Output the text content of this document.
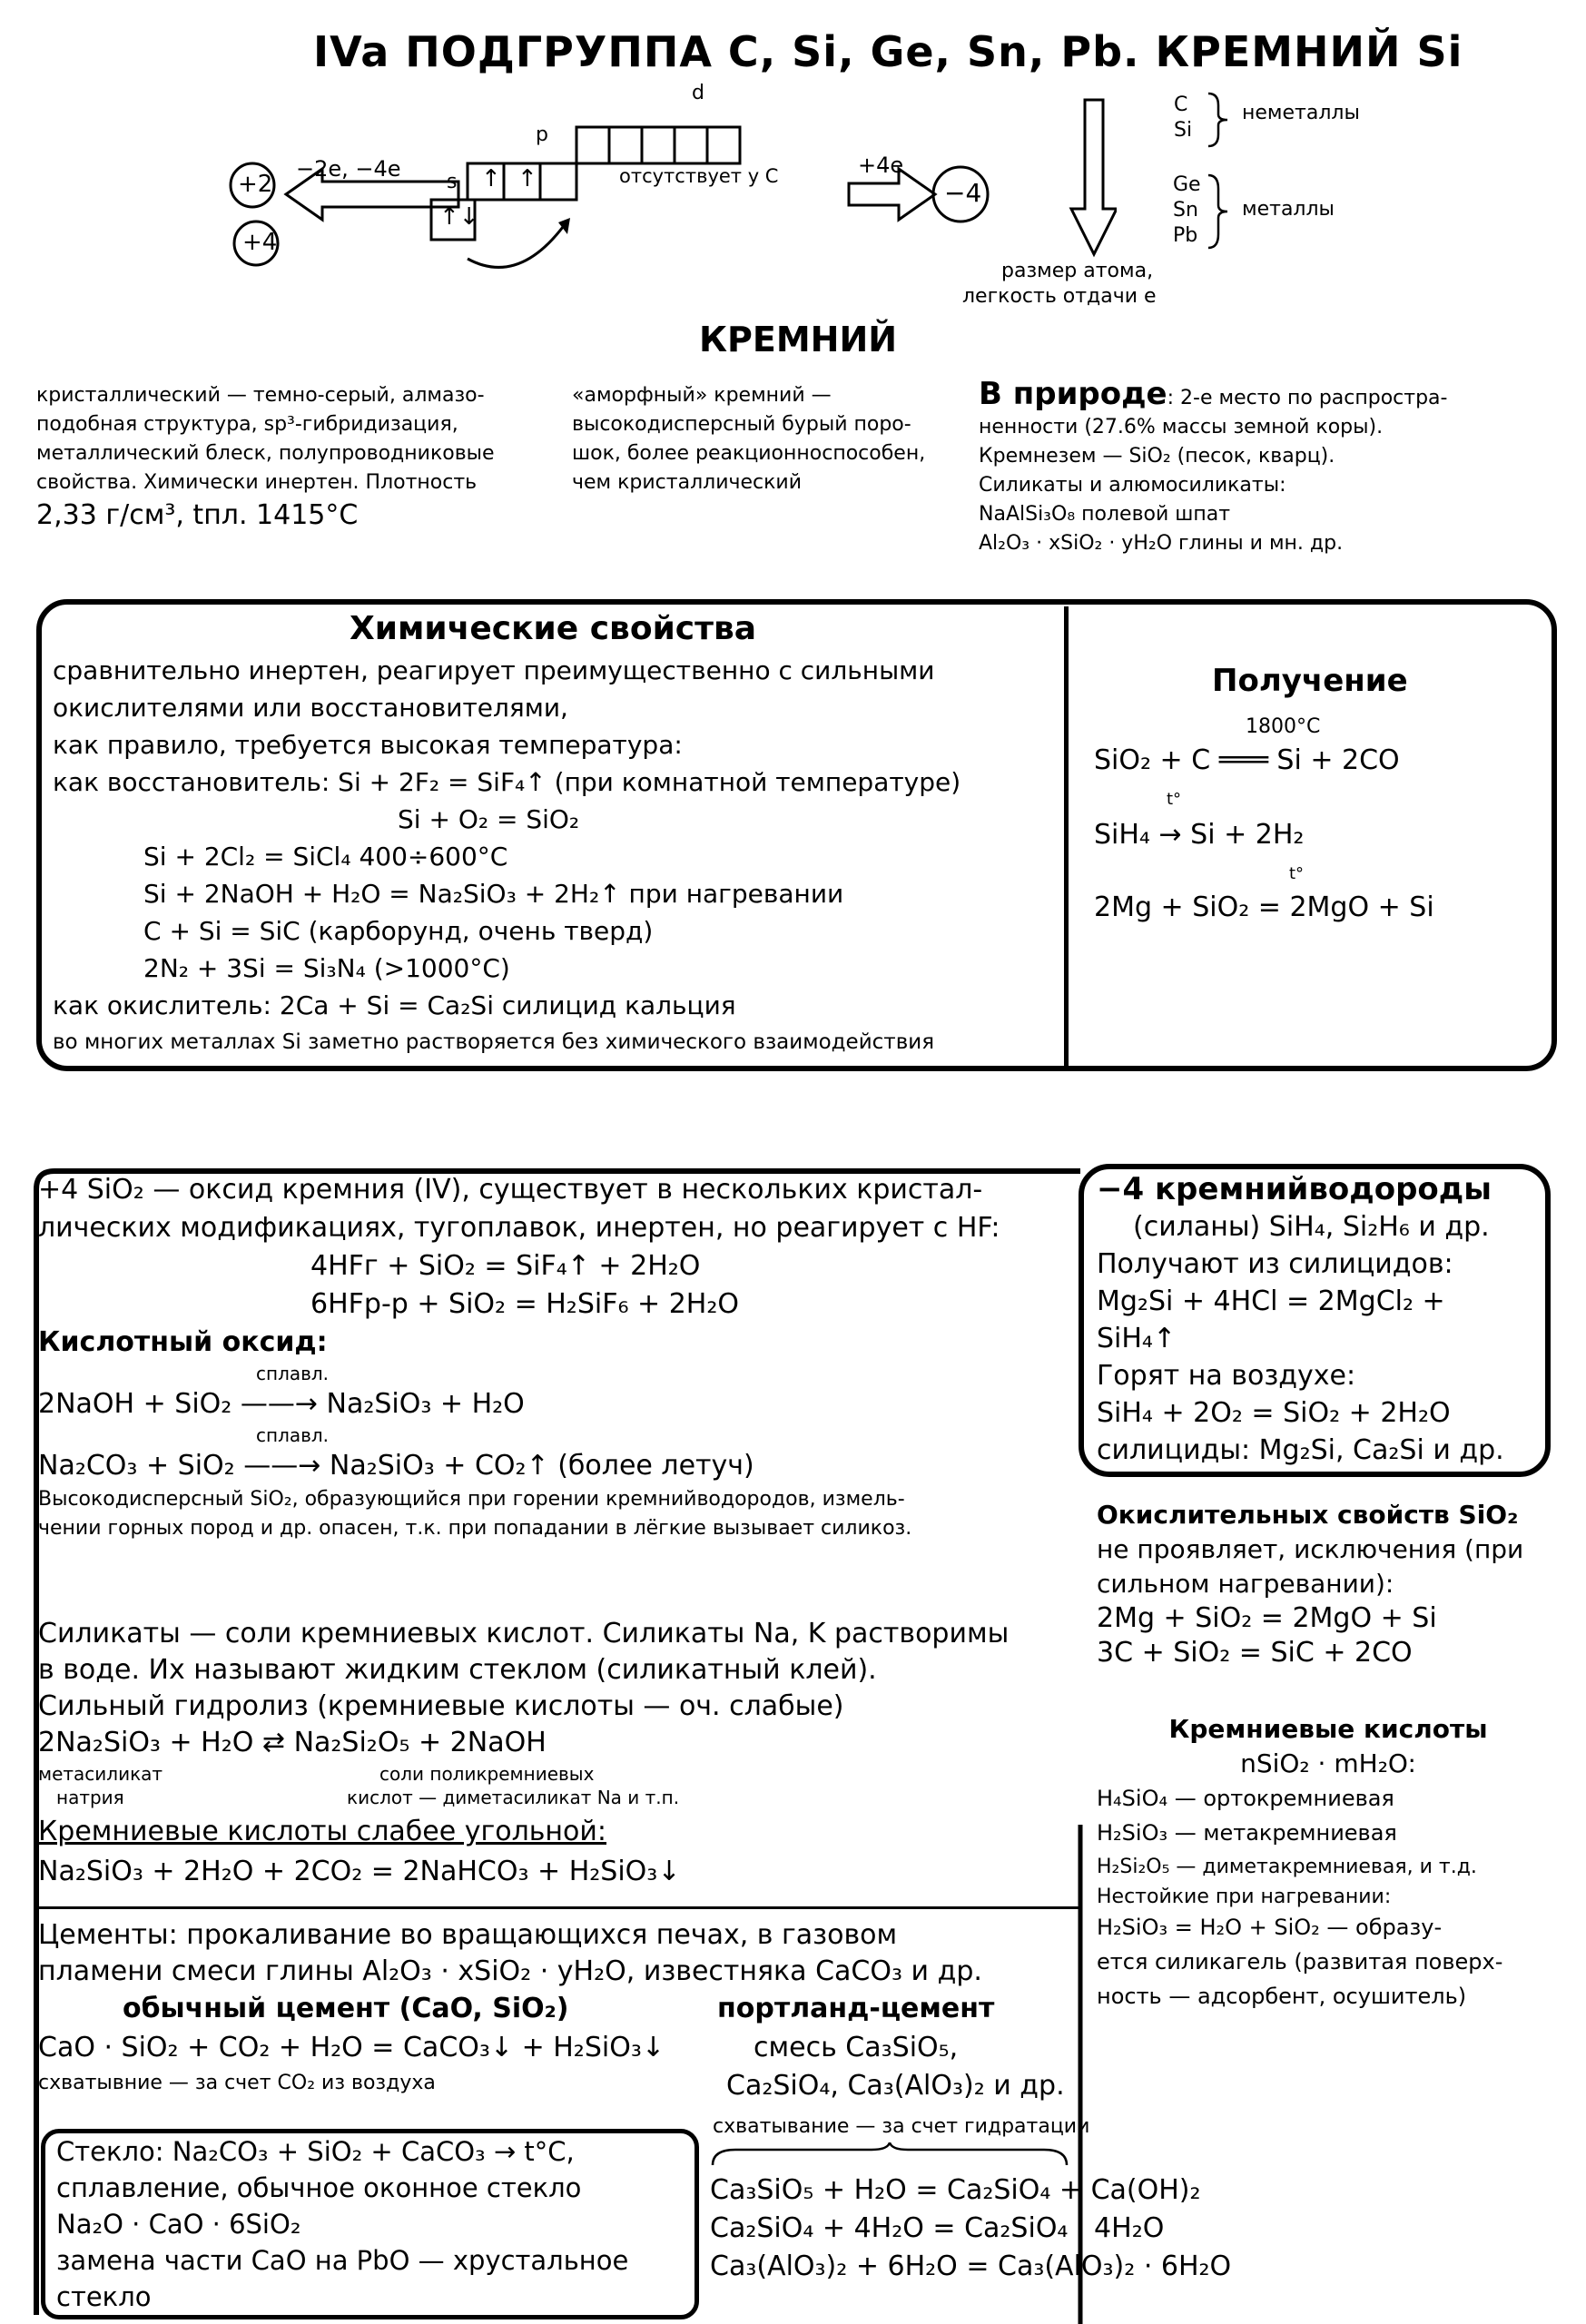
IVa ПОДГРУППА C, Si, Ge, Sn, Pb. КРЕМНИЙ Si
+2
+4
−4
−2e, −4e	+4e
s
p
d
↑↓
↑ ↑	отсутствует у C
C
Si
неметаллы
Ge
Sn
Pb
металлы
размер атома,
легкость отдачи e
КРЕМНИЙ
кристаллический — темно-серый, алмазо-
подобная структура, sp³-гибридизация,
металлический блеск, полупроводниковые
свойства. Химически инертен. Плотность
2,33 г/см³, tпл. 1415°C
«аморфный» кремний —
высокодисперсный бурый поро-
шок, более реакционноспособен,
чем кристаллический
В природе: 2-е место по распростра-
ненности (27.6% массы земной коры).
Кремнезем — SiO₂ (песок, кварц).
Силикаты и алюмосиликаты:
NaAlSi₃O₈ полевой шпат
Al₂O₃ · xSiO₂ · yH₂O глины и мн. др.
Химические свойства
сравнительно инертен, реагирует преимущественно с сильными
окислителями или восстановителями,
как правило, требуется высокая температура:
как восстановитель: Si + 2F₂ = SiF₄↑ (при комнатной температуре)
Si + O₂ = SiO₂
Si + 2Cl₂ = SiCl₄ 400÷600°C
Si + 2NaOH + H₂O = Na₂SiO₃ + 2H₂↑ при нагревании
C + Si = SiC (карборунд, очень тверд)
2N₂ + 3Si = Si₃N₄ (>1000°C)
как окислитель: 2Ca + Si = Ca₂Si силицид кальция
во многих металлах Si заметно растворяется без химического взаимодействия
Получение
1800°C
SiO₂ + C ═══ Si + 2CO
t°
SiH₄ → Si + 2H₂
t°
2Mg + SiO₂ = 2MgO + Si
+4 SiO₂ — оксид кремния (IV), существует в нескольких кристал-
лических модификациях, тугоплавок, инертен, но реагирует с HF:
4HFг + SiO₂ = SiF₄↑ + 2H₂O
6HFр-р + SiO₂ = H₂SiF₆ + 2H₂O
Кислотный оксид:
сплавл.
2NaOH + SiO₂ ——→ Na₂SiO₃ + H₂O
сплавл.
Na₂CO₃ + SiO₂ ——→ Na₂SiO₃ + CO₂↑ (более летуч)
Высокодисперсный SiO₂, образующийся при горении кремнийводородов, измель-
чении горных пород и др. опасен, т.к. при попадании в лёгкие вызывает силикоз.
Силикаты — соли кремниевых кислот. Силикаты Na, K растворимы
в воде. Их называют жидким стеклом (силикатный клей).
Сильный гидролиз (кремниевые кислоты — оч. слабые)
2Na₂SiO₃ + H₂O ⇄ Na₂Si₂O₅ + 2NaOH
метасиликат
натрия
соли поликремниевых
кислот — диметасиликат Na и т.п.
Кремниевые кислоты слабее угольной:
Na₂SiO₃ + 2H₂O + 2CO₂ = 2NaHCO₃ + H₂SiO₃↓
Цементы: прокаливание во вращающихся печах, в газовом
пламени смеси глины Al₂O₃ · xSiO₂ · yH₂O, известняка CaCO₃ и др.
обычный цемент (CaO, SiO₂)
CaO · SiO₂ + CO₂ + H₂O = CaCO₃↓ + H₂SiO₃↓
схватывние — за счет CO₂ из воздуха
портланд-цемент
смесь Ca₃SiO₅,
Ca₂SiO₄, Ca₃(AlO₃)₂ и др.
схватывание — за счет гидратации
Ca₃SiO₅ + H₂O = Ca₂SiO₄ + Ca(OH)₂
Ca₂SiO₄ + 4H₂O = Ca₂SiO₄ · 4H₂O
Ca₃(AlO₃)₂ + 6H₂O = Ca₃(AlO₃)₂ · 6H₂O
Стекло: Na₂CO₃ + SiO₂ + CaCO₃ → t°C,
сплавление, обычное оконное стекло
Na₂O · CaO · 6SiO₂
замена части CaO на PbO — хрустальное
стекло
−4 кремнийводороды
(силаны) SiH₄, Si₂H₆ и др.
Получают из силицидов:
Mg₂Si + 4HCl = 2MgCl₂ +
SiH₄↑
Горят на воздухе:
SiH₄ + 2O₂ = SiO₂ + 2H₂O
силициды: Mg₂Si, Ca₂Si и др.
Окислительных свойств SiO₂
не проявляет, исключения (при
сильном нагревании):
2Mg + SiO₂ = 2MgO + Si
3C + SiO₂ = SiC + 2CO
Кремниевые кислоты
nSiO₂ · mH₂O:
H₄SiO₄ — ортокремниевая
H₂SiO₃ — метакремниевая
H₂Si₂O₅ — диметакремниевая, и т.д.
Нестойкие при нагревании:
H₂SiO₃ = H₂O + SiO₂ — образу-
ется силикагель (развитая поверх-
ность — адсорбент, осушитель)
